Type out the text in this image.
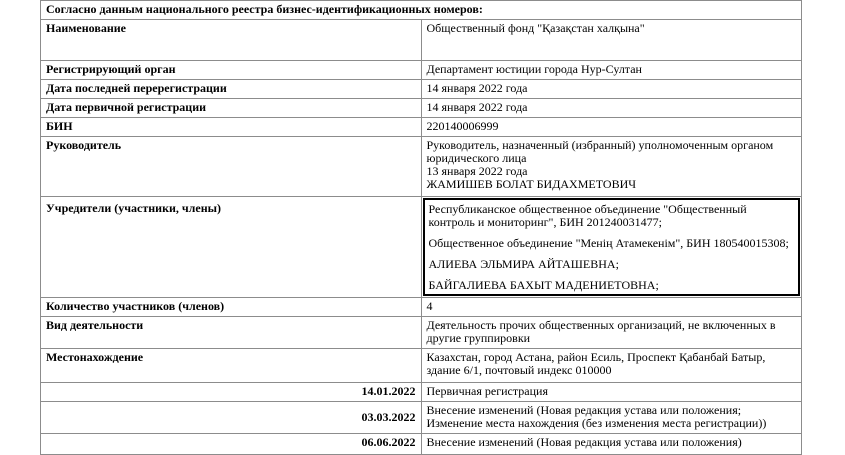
Согласно данным национального реестра бизнес-идентификационных номеров:	
Наименование	Общественный фонд "Қазақстан халқына"
Регистрирующий орган	Департамент юстиции города Нур-Султан
Дата последней перерегистрации	14 января 2022 года
Дата первичной регистрации	14 января 2022 года
БИН	220140006999
Руководитель	Руководитель, назначенный (избранный) уполномоченным органом юридического лица
13 января 2022 года
ЖАМИШЕВ БОЛАТ БИДАХМЕТОВИЧ

Учредители (участники, члены)	Республиканское общественное объединение "Общественный контроль и мониторинг", БИН 201240031477;
Общественное объединение "Менің Атамекенім", БИН 180540015308;
АЛИЕВА ЭЛЬМИРА АЙТАШЕВНА;
БАЙГАЛИЕВА БАХЫТ МАДЕНИЕТОВНА;

Количество участников (членов)	4
Вид деятельности	Деятельность прочих общественных организаций, не включенных в другие группировки
Местонахождение	Казахстан, город Астана, район Есиль, Проспект Қабанбай Батыр, здание 6/1, почтовый индекс 010000
14.01.2022	Первичная регистрация
03.03.2022	Внесение изменений (Новая редакция устава или положения; Изменение места нахождения (без изменения места регистрации))
06.06.2022	Внесение изменений (Новая редакция устава или положения)
